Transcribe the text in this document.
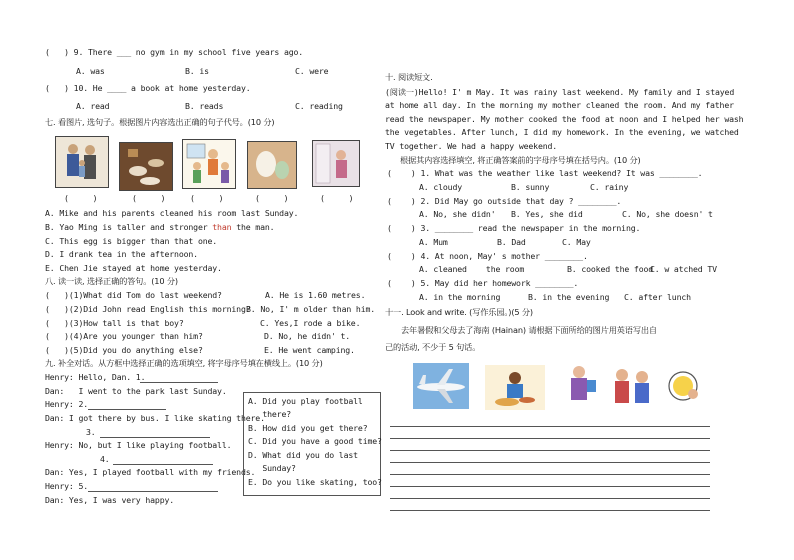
(   ) 9. There ___ no gym in my school five years ago.
A. was	B. is	C. were
(   ) 10. He ____ a book at home yesterday.
A. read	B. reads	C. reading
七. 看图片, 选句子。根据图片内容选出正确的句子代号。(10 分)
(     )	(     )	(     )	(     )	(     )
A. Mike and his parents cleaned his room last Sunday.
B. Yao Ming is taller and stronger than the man.
C. This egg is bigger than that one.
D. I drank tea in the afternoon.
E. Chen Jie stayed at home yesterday.
八. 读一读, 选择正确的答句。(10 分)
(   )(1)What did Tom do last weekend?
(   )(2)Did John read English this morning?
(   )(3)How tall is that boy?
(   )(4)Are you younger than him?
(   )(5)Did you do anything else?
A. He is 1.60 metres.
B. No, I' m older than him.
C. Yes,I rode a bike.
D. No, he didn' t.
E. He went camping.
九. 补全对话。从方框中选择正确的选项填空, 将字母序号填在横线上。(10 分)
Henry: Hello, Dan. 1.
Dan:   I went to the park last Sunday.
Henry: 2.
Dan: I got there by bus. I like skating there.
3.
Henry: No, but I like playing football.
4.
Dan: Yes, I played football with my friends.
Henry: 5.
Dan: Yes, I was very happy.
A. Did you play football
there?
B. How did you get there?
C. Did you have a good time?
D. What did you do last
Sunday?
E. Do you like skating, too?
十. 阅读短文.
(阅读一)Hello! I' m May. It was rainy last weekend. My family and I stayed
at home all day. In the morning my mother cleaned the room. And my father
read the newspaper. My mother cooked the food at noon and I helped her wash
the vegetables. After lunch, I did my homework. In the evening, we watched
TV together. We had a happy weekend.
根据其内容选择填空, 将正确答案前的字母序号填在括号内。(10 分)
(    ) 1. What was the weather like last weekend? It was ________.
A. cloudy	B. sunny	C. rainy
(    ) 2. Did May go outside that day ? ________.
A. No, she didn' B. Yes, she did	C. No, she doesn' t
(    ) 3. ________ read the newspaper in the morning.
A. Mum	B. Dad	C. May
(    ) 4. At noon, May' s mother ________.
A. cleaned    the room	B. cooked the food
C. w atched TV
(    ) 5. May did her homework ________.
A. in the morning	B. in the evening C. after lunch
十一. Look and write. (写作乐园。)(5 分)
去年暑假和父母去了海南 (Hainan) 请根据下面所给的图片用英语写出自
己的活动, 不少于 5 句话。
